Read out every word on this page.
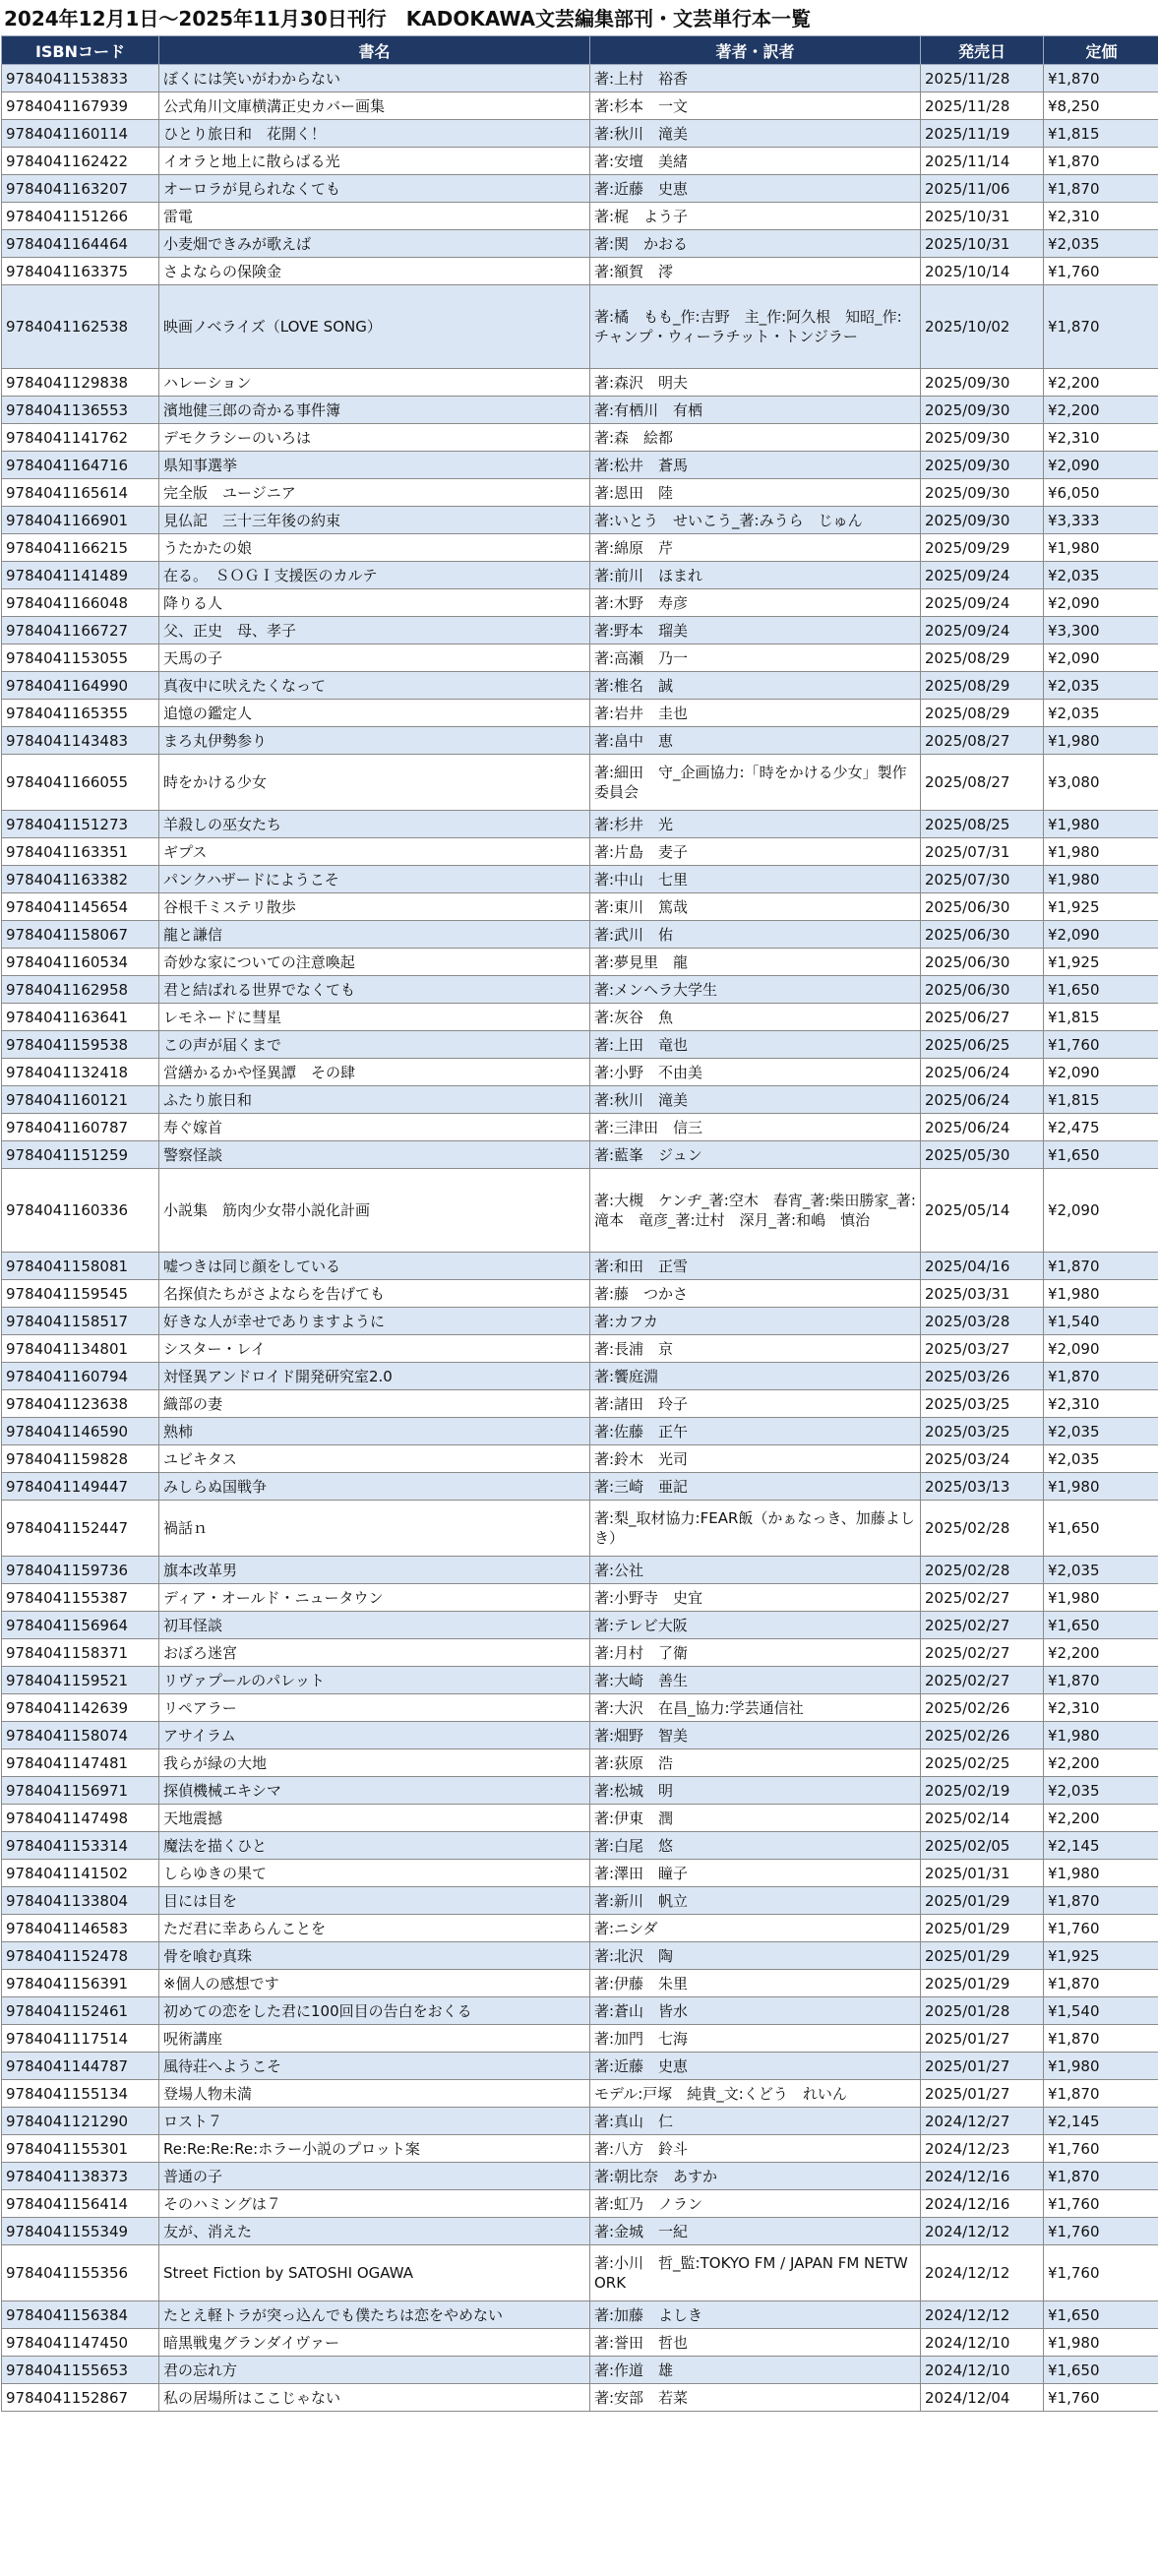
2024年12月1日～2025年11月30日刊行　KADOKAWA文芸編集部刊・文芸単行本一覧
ISBNコード	書名	著者・訳者	発売日	定価
9784041153833	ぼくには笑いがわからない	著:上村　裕香	2025/11/28	¥1,870
9784041167939	公式角川文庫横溝正史カバー画集	著:杉本　一文	2025/11/28	¥8,250
9784041160114	ひとり旅日和　花開く！	著:秋川　滝美	2025/11/19	¥1,815
9784041162422	イオラと地上に散らばる光	著:安壇　美緒	2025/11/14	¥1,870
9784041163207	オーロラが見られなくても	著:近藤　史恵	2025/11/06	¥1,870
9784041151266	雷電	著:梶　よう子	2025/10/31	¥2,310
9784041164464	小麦畑できみが歌えば	著:関　かおる	2025/10/31	¥2,035
9784041163375	さよならの保険金	著:額賀　澪	2025/10/14	¥1,760
9784041162538	映画ノベライズ（LOVE SONG）	著:橘　もも_作:吉野　主_作:阿久根　知昭_作:チャンプ・ウィーラチット・トンジラー	2025/10/02	¥1,870
9784041129838	ハレーション	著:森沢　明夫	2025/09/30	¥2,200
9784041136553	濱地健三郎の奇かる事件簿	著:有栖川　有栖	2025/09/30	¥2,200
9784041141762	デモクラシーのいろは	著:森　絵都	2025/09/30	¥2,310
9784041164716	県知事選挙	著:松井　蒼馬	2025/09/30	¥2,090
9784041165614	完全版　ユージニア	著:恩田　陸	2025/09/30	¥6,050
9784041166901	見仏記　三十三年後の約束	著:いとう　せいこう_著:みうら　じゅん	2025/09/30	¥3,333
9784041166215	うたかたの娘	著:綿原　芹	2025/09/29	¥1,980
9784041141489	在る。　ＳＯＧＩ支援医のカルテ	著:前川　ほまれ	2025/09/24	¥2,035
9784041166048	降りる人	著:木野　寿彦	2025/09/24	¥2,090
9784041166727	父、正史　母、孝子	著:野本　瑠美	2025/09/24	¥3,300
9784041153055	天馬の子	著:高瀬　乃一	2025/08/29	¥2,090
9784041164990	真夜中に吠えたくなって	著:椎名　誠	2025/08/29	¥2,035
9784041165355	追憶の鑑定人	著:岩井　圭也	2025/08/29	¥2,035
9784041143483	まろ丸伊勢参り	著:畠中　恵	2025/08/27	¥1,980
9784041166055	時をかける少女	著:細田　守_企画協力:「時をかける少女」製作委員会	2025/08/27	¥3,080
9784041151273	羊殺しの巫女たち	著:杉井　光	2025/08/25	¥1,980
9784041163351	ギプス	著:片島　麦子	2025/07/31	¥1,980
9784041163382	パンクハザードにようこそ	著:中山　七里	2025/07/30	¥1,980
9784041145654	谷根千ミステリ散歩	著:東川　篤哉	2025/06/30	¥1,925
9784041158067	龍と謙信	著:武川　佑	2025/06/30	¥2,090
9784041160534	奇妙な家についての注意喚起	著:夢見里　龍	2025/06/30	¥1,925
9784041162958	君と結ばれる世界でなくても	著:メンヘラ大学生	2025/06/30	¥1,650
9784041163641	レモネードに彗星	著:灰谷　魚	2025/06/27	¥1,815
9784041159538	この声が届くまで	著:上田　竜也	2025/06/25	¥1,760
9784041132418	営繕かるかや怪異譚　その肆	著:小野　不由美	2025/06/24	¥2,090
9784041160121	ふたり旅日和	著:秋川　滝美	2025/06/24	¥1,815
9784041160787	寿ぐ嫁首	著:三津田　信三	2025/06/24	¥2,475
9784041151259	警察怪談	著:藍峯　ジュン	2025/05/30	¥1,650
9784041160336	小説集　筋肉少女帯小説化計画	著:大槻　ケンヂ_著:空木　春宵_著:柴田勝家_著:滝本　竜彦_著:辻村　深月_著:和嶋　慎治	2025/05/14	¥2,090
9784041158081	嘘つきは同じ顔をしている	著:和田　正雪	2025/04/16	¥1,870
9784041159545	名探偵たちがさよならを告げても	著:藤　つかさ	2025/03/31	¥1,980
9784041158517	好きな人が幸せでありますように	著:カフカ	2025/03/28	¥1,540
9784041134801	シスター・レイ	著:長浦　京	2025/03/27	¥2,090
9784041160794	対怪異アンドロイド開発研究室2.0	著:饗庭淵	2025/03/26	¥1,870
9784041123638	織部の妻	著:諸田　玲子	2025/03/25	¥2,310
9784041146590	熟柿	著:佐藤　正午	2025/03/25	¥2,035
9784041159828	ユビキタス	著:鈴木　光司	2025/03/24	¥2,035
9784041149447	みしらぬ国戦争	著:三崎　亜記	2025/03/13	¥1,980
9784041152447	禍話ｎ	著:梨_取材協力:FEAR飯（かぁなっき、加藤よしき）	2025/02/28	¥1,650
9784041159736	旗本改革男	著:公社	2025/02/28	¥2,035
9784041155387	ディア・オールド・ニュータウン	著:小野寺　史宜	2025/02/27	¥1,980
9784041156964	初耳怪談	著:テレビ大阪	2025/02/27	¥1,650
9784041158371	おぼろ迷宮	著:月村　了衛	2025/02/27	¥2,200
9784041159521	リヴァプールのパレット	著:大崎　善生	2025/02/27	¥1,870
9784041142639	リペアラー	著:大沢　在昌_協力:学芸通信社	2025/02/26	¥2,310
9784041158074	アサイラム	著:畑野　智美	2025/02/26	¥1,980
9784041147481	我らが緑の大地	著:荻原　浩	2025/02/25	¥2,200
9784041156971	探偵機械エキシマ	著:松城　明	2025/02/19	¥2,035
9784041147498	天地震撼	著:伊東　潤	2025/02/14	¥2,200
9784041153314	魔法を描くひと	著:白尾　悠	2025/02/05	¥2,145
9784041141502	しらゆきの果て	著:澤田　瞳子	2025/01/31	¥1,980
9784041133804	目には目を	著:新川　帆立	2025/01/29	¥1,870
9784041146583	ただ君に幸あらんことを	著:ニシダ	2025/01/29	¥1,760
9784041152478	骨を喰む真珠	著:北沢　陶	2025/01/29	¥1,925
9784041156391	※個人の感想です	著:伊藤　朱里	2025/01/29	¥1,870
9784041152461	初めての恋をした君に100回目の告白をおくる	著:蒼山　皆水	2025/01/28	¥1,540
9784041117514	呪術講座	著:加門　七海	2025/01/27	¥1,870
9784041144787	風待荘へようこそ	著:近藤　史恵	2025/01/27	¥1,980
9784041155134	登場人物未満	モデル:戸塚　純貴_文:くどう　れいん	2025/01/27	¥1,870
9784041121290	ロスト７	著:真山　仁	2024/12/27	¥2,145
9784041155301	Re:Re:Re:Re:ホラー小説のプロット案	著:八方　鈴斗	2024/12/23	¥1,760
9784041138373	普通の子	著:朝比奈　あすか	2024/12/16	¥1,870
9784041156414	そのハミングは７	著:虹乃　ノラン	2024/12/16	¥1,760
9784041155349	友が、消えた	著:金城　一紀	2024/12/12	¥1,760
9784041155356	Street Fiction by SATOSHI OGAWA	著:小川　哲_監:TOKYO FM / JAPAN FM NETWORK	2024/12/12	¥1,760
9784041156384	たとえ軽トラが突っ込んでも僕たちは恋をやめない	著:加藤　よしき	2024/12/12	¥1,650
9784041147450	暗黒戦鬼グランダイヴァー	著:誉田　哲也	2024/12/10	¥1,980
9784041155653	君の忘れ方	著:作道　雄	2024/12/10	¥1,650
9784041152867	私の居場所はここじゃない	著:安部　若菜	2024/12/04	¥1,760
